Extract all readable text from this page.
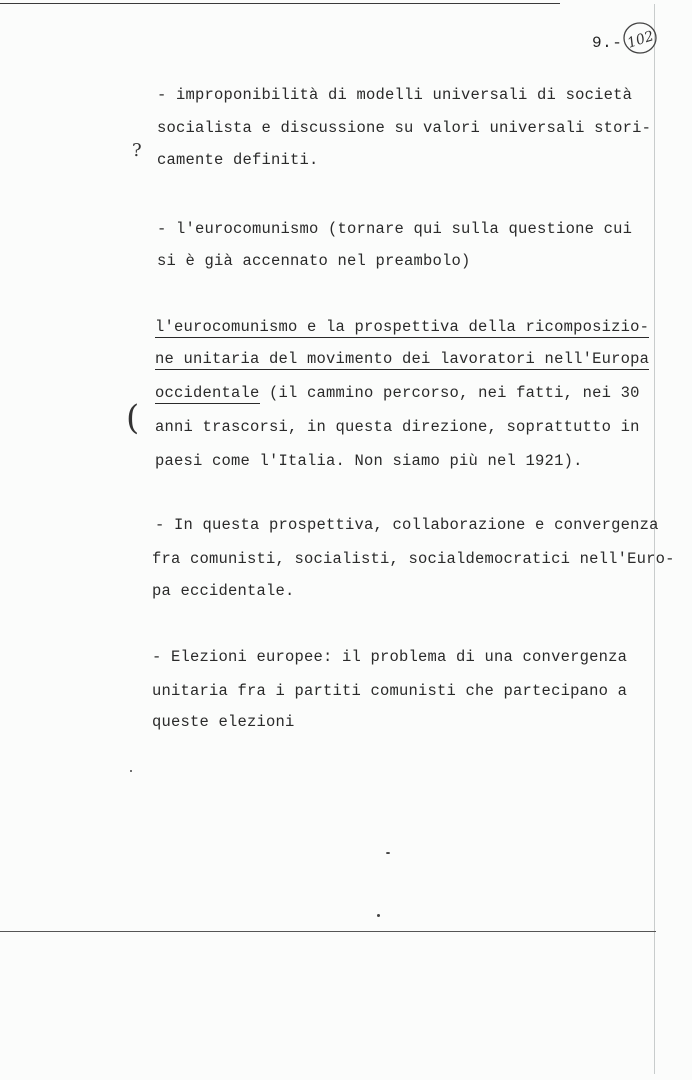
9.- 102
- improponibilità di modelli universali di società
socialista e discussione su valori universali stori-
camente definiti.
?
- l'eurocomunismo (tornare qui sulla questione cui
si è già accennato nel preambolo)
l'eurocomunismo e la prospettiva della ricomposizio-
ne unitaria del movimento dei lavoratori nell'Europa
occidentale (il cammino percorso, nei fatti, nei 30
anni trascorsi, in questa direzione, soprattutto in
paesi come l'Italia. Non siamo più nel 1921).
(
- In questa prospettiva, collaborazione e convergenza
fra comunisti, socialisti, socialdemocratici nell'Euro-
pa eccidentale.
- Elezioni europee: il problema di una convergenza
unitaria fra i partiti comunisti che partecipano a
queste elezioni
